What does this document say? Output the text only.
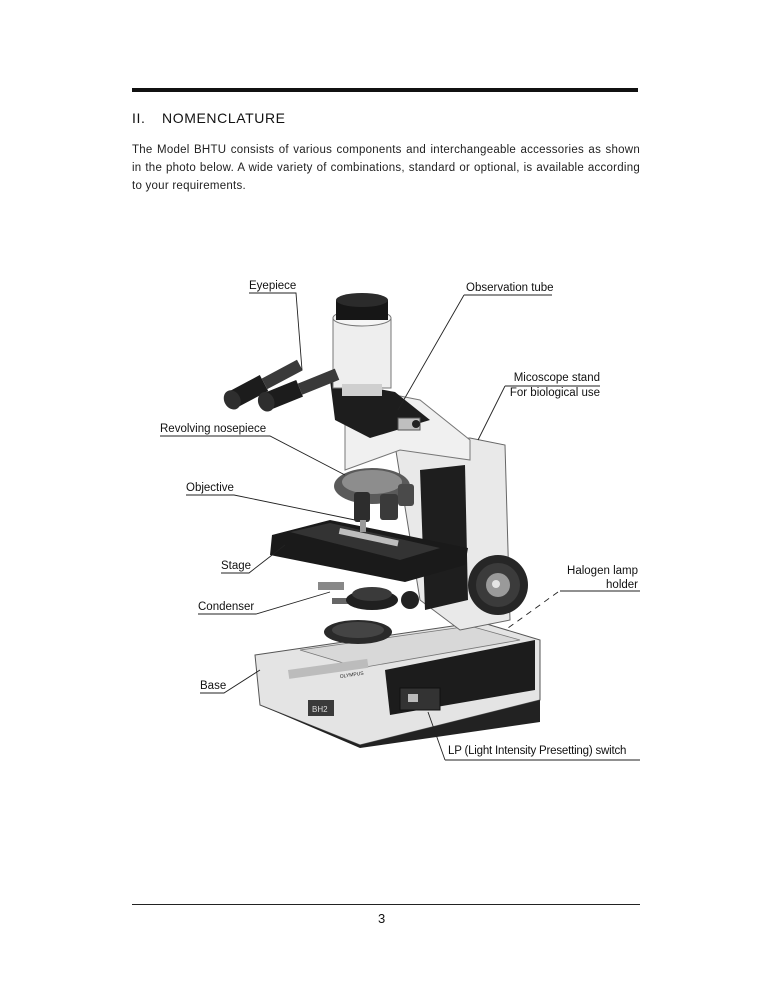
II. NOMENCLATURE

The Model BHTU consists of various components and interchangeable accessories as shown in the photo below. A wide variety of combinations, standard or optional, is available according to your requirements.

OLYMPUS
BH2
Eyepiece	Observation tube
Micoscope stand
For biological use
Revolving nosepiece
Objective
Stage	Halogen lamp
holder
Condenser
Base
LP (Light Intensity Presetting) switch
3
